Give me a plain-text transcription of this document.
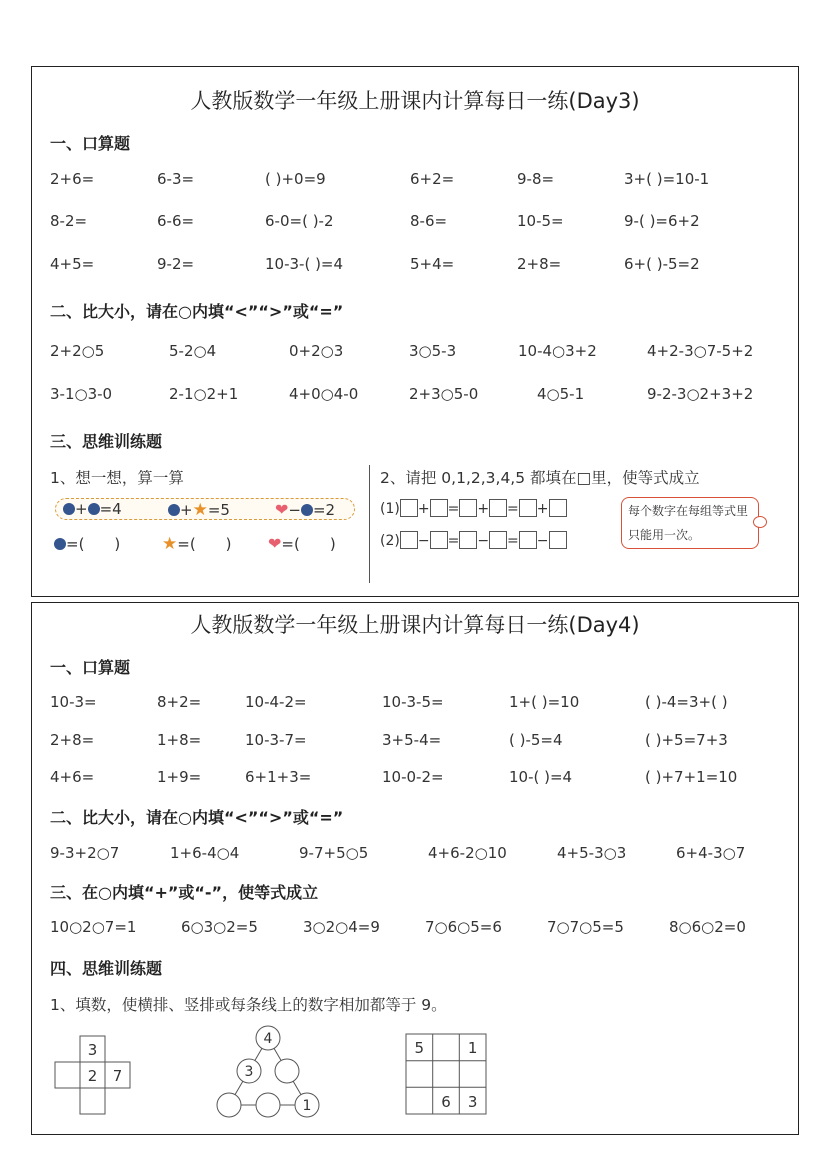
人教版数学一年级上册课内计算每日一练(Day3)
一、口算题
2+6=	6-3=	( )+0=9	6+2=	9-8=	3+( )=10-1
8-2=	6-6=	6-0=( )-2	8-6=	10-5=	9-( )=6+2
4+5=	9-2=	10-3-( )=4	5+4=	2+8=	6+( )-5=2
二、比大小，请在○内填“<”“>”或“=”
2+2○5	5-2○4	0+2○3	3○5-3	10-4○3+2	4+2-3○7-5+2
3-1○3-0	2-1○2+1	4+0○4-0	2+3○5-0	4○5-1	9-2-3○2+3+2
三、思维训练题
1、想一想，算一算
+ =4	+★=5	❤− =2
=(　　) ★=(　　) ❤=(　　)
2、请把 0,1,2,3,4,5 都填在□里，使等式成立
(1) + = + = +
(2) − = − = −
每个数字在每组等式里只能用一次。
人教版数学一年级上册课内计算每日一练(Day4)
一、口算题
10-3=	8+2=	10-4-2=	10-3-5=	1+( )=10	( )-4=3+( )
2+8=	1+8=	10-3-7=	3+5-4=	( )-5=4	( )+5=7+3
4+6=	1+9=	6+1+3=	10-0-2=	10-( )=4	( )+7+1=10
二、比大小，请在○内填“<”“>”或“=”
9-3+2○7	1+6-4○4	9-7+5○5	4+6-2○10	4+5-3○3	6+4-3○7
三、在○内填“+”或“-”，使等式成立
10○2○7=1	6○3○2=5	3○2○4=9	7○6○5=6	7○7○5=5	8○6○2=0
四、思维训练题
1、填数，使横排、竖排或每条线上的数字相加都等于 9。
3
2 7
4
3
1
5	1
6 3
